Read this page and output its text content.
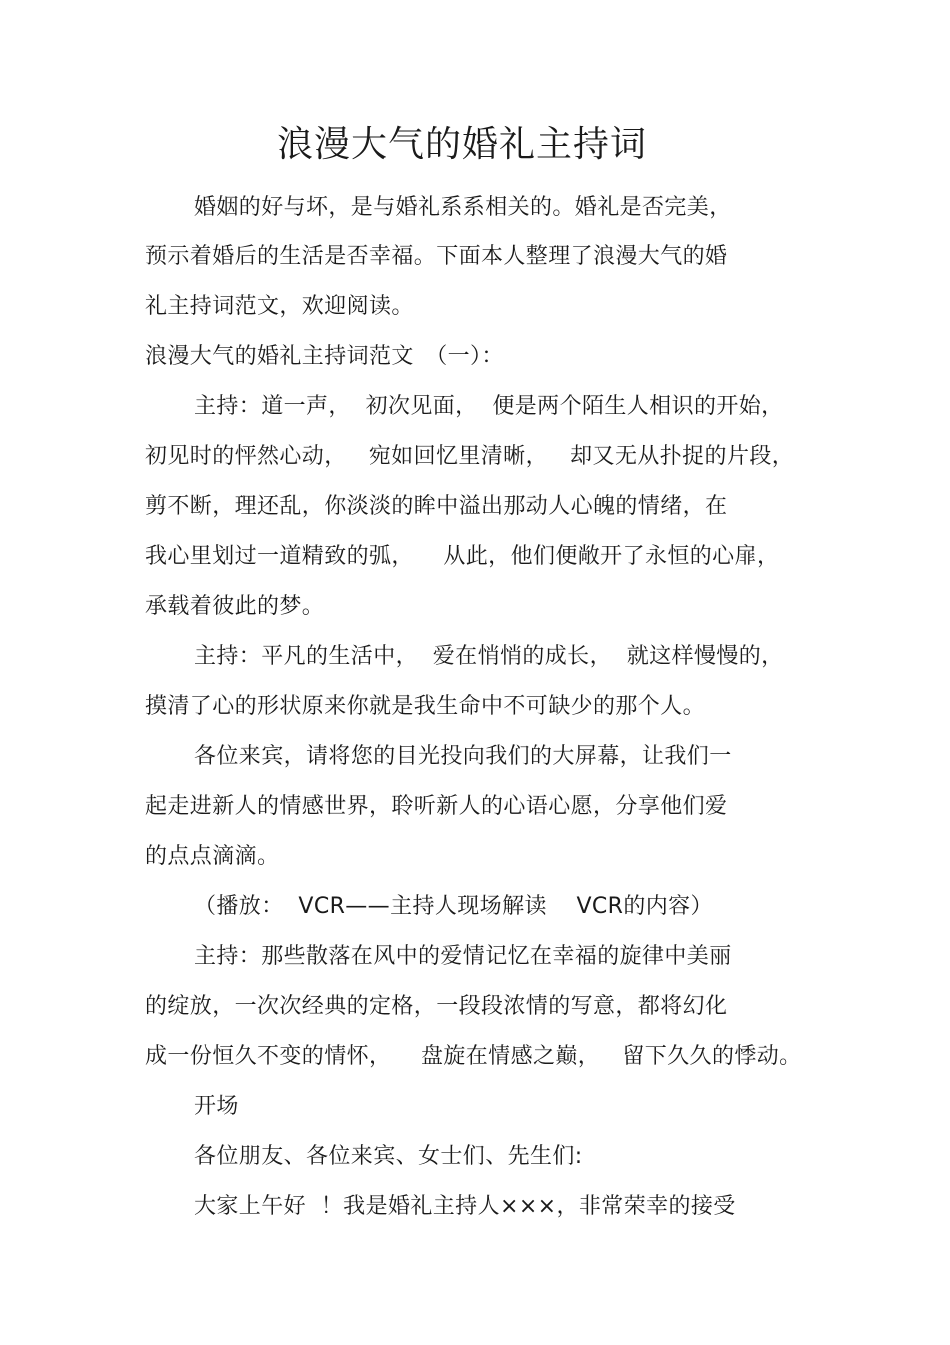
浪漫大气的婚礼主持词
婚姻的好与坏，是与婚礼系系相关的。婚礼是否完美，
预示着婚后的生活是否幸福。下面本人整理了浪漫大气的婚
礼主持词范文，欢迎阅读。
浪漫大气的婚礼主持词范文　（一）：
主持：道一声，  初次见面，  便是两个陌生人相识的开始，
初见时的怦然心动，   宛如回忆里清晰，   却又无从扑捉的片段，
剪不断，理还乱，你淡淡的眸中溢出那动人心魄的情绪，在
我心里划过一道精致的弧，    从此，他们便敞开了永恒的心扉，
承载着彼此的梦。
主持：平凡的生活中，  爱在悄悄的成长，  就这样慢慢的，
摸清了心的形状原来你就是我生命中不可缺少的那个人。
各位来宾，请将您的目光投向我们的大屏幕，让我们一
起走进新人的情感世界，聆听新人的心语心愿，分享他们爱
的点点滴滴。
（播放：  VCR——主持人现场解读    VCR的内容）
主持：那些散落在风中的爱情记忆在幸福的旋律中美丽
的绽放，一次次经典的定格，一段段浓情的写意，都将幻化
成一份恒久不变的情怀，    盘旋在情感之巅，   留下久久的悸动。
开场
各位朋友、各位来宾、女士们、先生们:
大家上午好  ！我是婚礼主持人×××，非常荣幸的接受
